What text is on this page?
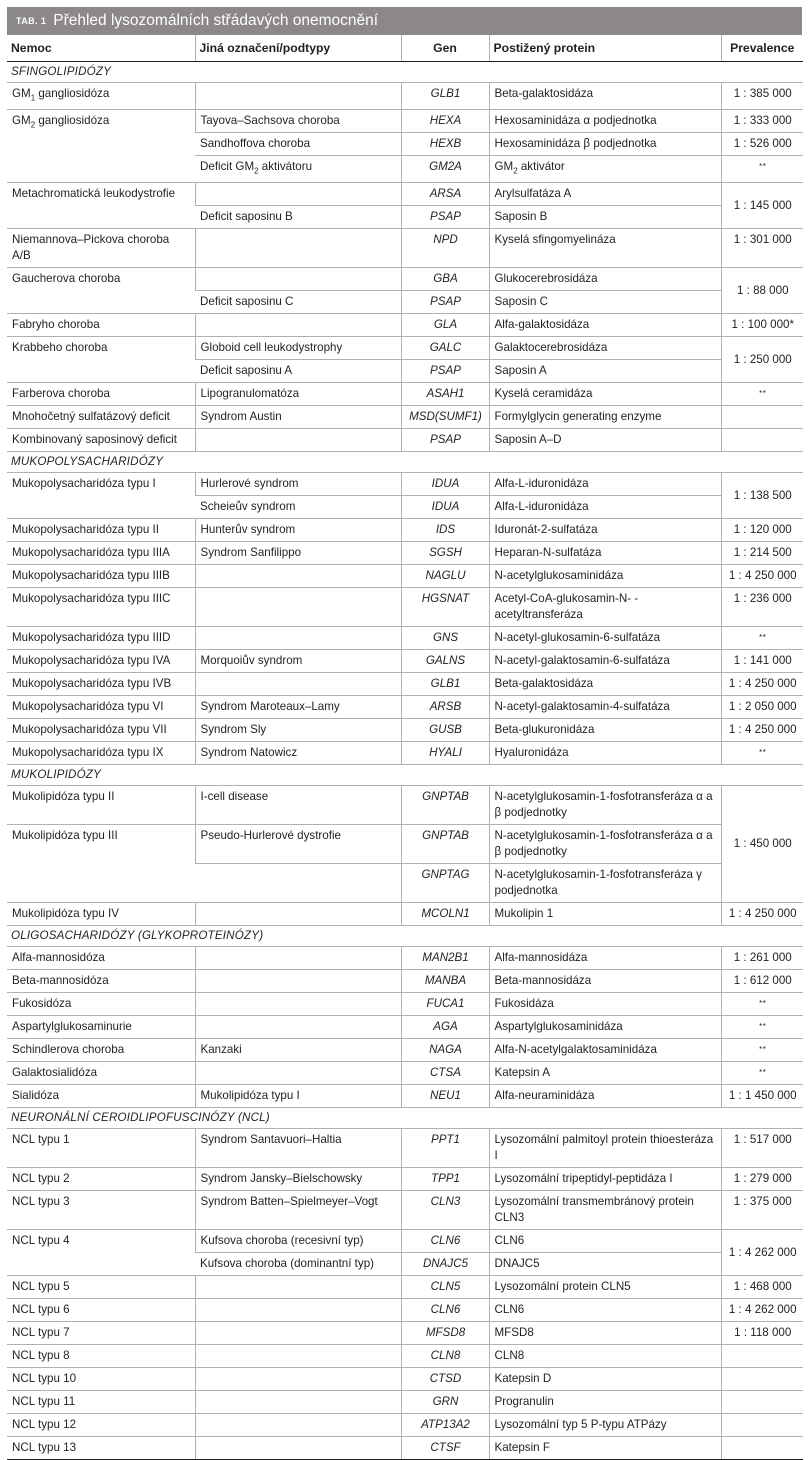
TAB. 1 Přehled lysozomálních střádavých onemocnění
Nemoc	Jiná označení/podtypy	Gen	Postižený protein	Prevalence
SFINGOLIPIDÓZY				
$GM_1$ gangliosidóza		GLB1	Beta-galaktosidáza	1 : 385 000
$GM_2$ gangliosidóza	Tayova–Sachsova choroba	HEXA	Hexosaminidáza α podjednotka	1 : 333 000
	Sandhoffova choroba	HEXB	Hexosaminidáza β podjednotka	1 : 526 000
	Deficit $GM_2$ aktivátoru	GM2A	$GM_2$ aktivátor	**
Metachromatická leukodystrofie		ARSA	Arylsulfatáza A	1 : 145 000
	Deficit saposinu B	PSAP	Saposin B	
Niemannova–Pickova choroba A/B		NPD	Kyselá sfingomyelináza	1 : 301 000
Gaucherova choroba		GBA	Glukocerebrosidáza	1 : 88 000
	Deficit saposinu C	PSAP	Saposin C	
Fabryho choroba		GLA	Alfa-galaktosidáza	1 : 100 000*
Krabbeho choroba	Globoid cell leukodystrophy	GALC	Galaktocerebrosidáza	1 : 250 000
	Deficit saposinu A	PSAP	Saposin A	
Farberova choroba	Lipogranulomatóza	ASAH1	Kyselá ceramidáza	**
Mnohočetný sulfatázový deficit	Syndrom Austin	MSD(SUMF1)	Formylglycin generating enzyme	
Kombinovaný saposinový deficit		PSAP	Saposin A–D	
MUKOPOLYSACHARIDÓZY				
Mukopolysacharidóza typu I	Hurlerové syndrom	IDUA	Alfa-L-iduronidáza	1 : 138 500
	Scheieův syndrom	IDUA	Alfa-L-iduronidáza	
Mukopolysacharidóza typu II	Hunterův syndrom	IDS	Iduronát-2-sulfatáza	1 : 120 000
Mukopolysacharidóza typu IIIA	Syndrom Sanfilippo	SGSH	Heparan-N-sulfatáza	1 : 214 500
Mukopolysacharidóza typu IIIB		NAGLU	N-acetylglukosaminidáza	1 : 4 250 000
Mukopolysacharidóza typu IIIC		HGSNAT	Acetyl-CoA-glukosamin-N- -acetyltransferáza	1 : 236 000
Mukopolysacharidóza typu IIID		GNS	N-acetyl-glukosamin-6-sulfatáza	**
Mukopolysacharidóza typu IVA	Morquoiův syndrom	GALNS	N-acetyl-galaktosamin-6-sulfatáza	1 : 141 000
Mukopolysacharidóza typu IVB		GLB1	Beta-galaktosidáza	1 : 4 250 000
Mukopolysacharidóza typu VI	Syndrom Maroteaux–Lamy	ARSB	N-acetyl-galaktosamin-4-sulfatáza	1 : 2 050 000
Mukopolysacharidóza typu VII	Syndrom Sly	GUSB	Beta-glukuronidáza	1 : 4 250 000
Mukopolysacharidóza typu IX	Syndrom Natowicz	HYALI	Hyaluronidáza	**
MUKOLIPIDÓZY				
Mukolipidóza typu II	I-cell disease	GNPTAB	N-acetylglukosamin-1-fosfotransferáza α a β podjednotky	1 : 450 000
Mukolipidóza typu III	Pseudo-Hurlerové dystrofie	GNPTAB	N-acetylglukosamin-1-fosfotransferáza α a β podjednotky	
		GNPTAG	N-acetylglukosamin-1-fosfotransferáza γ podjednotka	
Mukolipidóza typu IV		MCOLN1	Mukolipin 1	1 : 4 250 000
OLIGOSACHARIDÓZY (GLYKOPROTEINÓZY)				
Alfa-mannosidóza		MAN2B1	Alfa-mannosidáza	1 : 261 000
Beta-mannosidóza		MANBA	Beta-mannosidáza	1 : 612 000
Fukosidóza		FUCA1	Fukosidáza	**
Aspartylglukosaminurie		AGA	Aspartylglukosaminidáza	**
Schindlerova choroba	Kanzaki	NAGA	Alfa-N-acetylgalaktosaminidáza	**
Galaktosialidóza		CTSA	Katepsin A	**
Sialidóza	Mukolipidóza typu I	NEU1	Alfa-neuraminidáza	1 : 1 450 000
NEURONÁLNÍ CEROIDLIPOFUSCINÓZY (NCL)				
NCL typu 1	Syndrom Santavuori–Haltia	PPT1	Lysozomální palmitoyl protein thioesteráza I	1 : 517 000
NCL typu 2	Syndrom Jansky–Bielschowsky	TPP1	Lysozomální tripeptidyl-peptidáza I	1 : 279 000
NCL typu 3	Syndrom Batten–Spielmeyer–Vogt	CLN3	Lysozomální transmembránový protein CLN3	1 : 375 000
NCL typu 4	Kufsova choroba (recesivní typ)	CLN6	CLN6	1 : 4 262 000
	Kufsova choroba (dominantní typ)	DNAJC5	DNAJC5	
NCL typu 5		CLN5	Lysozomální protein CLN5	1 : 468 000
NCL typu 6		CLN6	CLN6	1 : 4 262 000
NCL typu 7		MFSD8	MFSD8	1 : 118 000
NCL typu 8		CLN8	CLN8	
NCL typu 10		CTSD	Katepsin D	
NCL typu 11		GRN	Progranulin	
NCL typu 12		ATP13A2	Lysozomální typ 5 P-typu ATPázy	
NCL typu 13		CTSF	Katepsin F	
